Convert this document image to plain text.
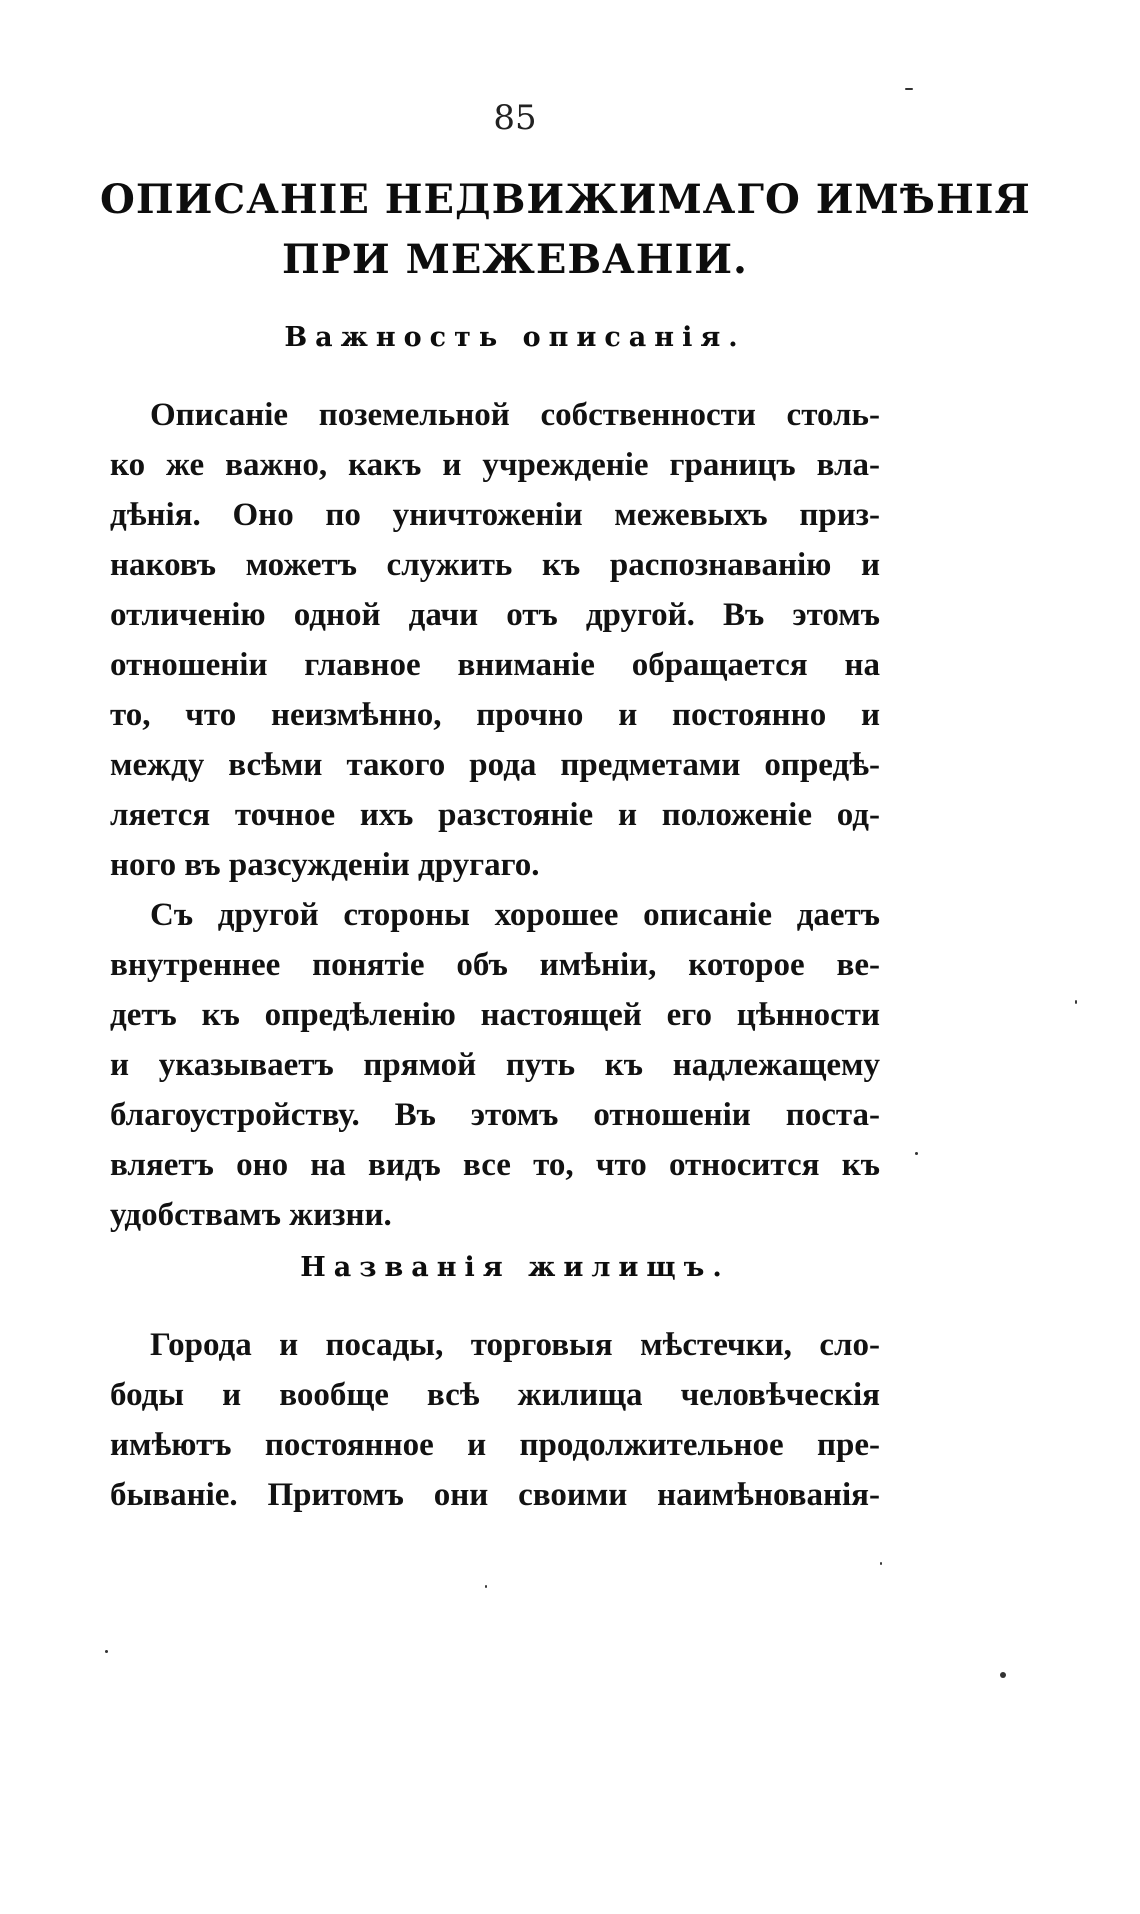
85
ОПИСАНІЕ НЕДВИЖИМАГО ИМѢНІЯ
ПРИ МЕЖЕВАНІИ.
Важность описанія.
Описаніе поземельной собственности столь-
ко же важно, какъ и учрежденіе границъ вла-
дѣнія. Оно по уничтоженіи межевыхъ приз-
наковъ можетъ служить къ распознаванію и
отличенію одной дачи отъ другой. Въ этомъ
отношеніи главное вниманіе обращается на
то, что неизмѣнно, прочно и постоянно и
между всѣми такого рода предметами опредѣ-
ляется точное ихъ разстояніе и положеніе од-
ного въ разсужденіи другаго.
Съ другой стороны хорошее описаніе даетъ
внутреннее понятіе объ имѣніи, которое ве-
детъ къ опредѣленію настоящей его цѣнности
и указываетъ прямой путь къ надлежащему
благоустройству. Въ этомъ отношеніи поста-
вляетъ оно на видъ все то, что относится къ
удобствамъ жизни.
Названія жилищъ.
Города и посады, торговыя мѣстечки, сло-
боды и вообще всѣ жилища человѣческія
имѣютъ постоянное и продолжительное пре-
бываніе. Притомъ они своими наимѣнованія-
